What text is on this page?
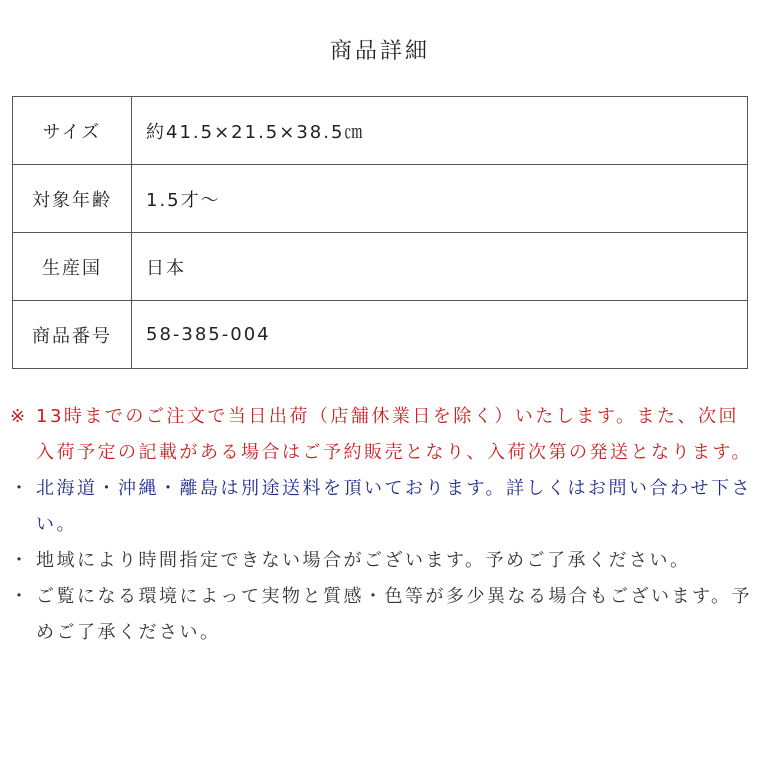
商品詳細
サイズ	約41.5×21.5×38.5㎝
対象年齢	1.5才～
生産国	日本
商品番号	58-385-004

※ 13時までのご注文で当日出荷（店舗休業日を除く）いたします。また、次回入荷予定の記載がある場合はご予約販売となり、入荷次第の発送となります。

・ 北海道・沖縄・離島は別途送料を頂いております。詳しくはお問い合わせ下さい。

・ 地域により時間指定できない場合がございます。予めご了承ください。

・ ご覧になる環境によって実物と質感・色等が多少異なる場合もございます。予めご了承ください。
